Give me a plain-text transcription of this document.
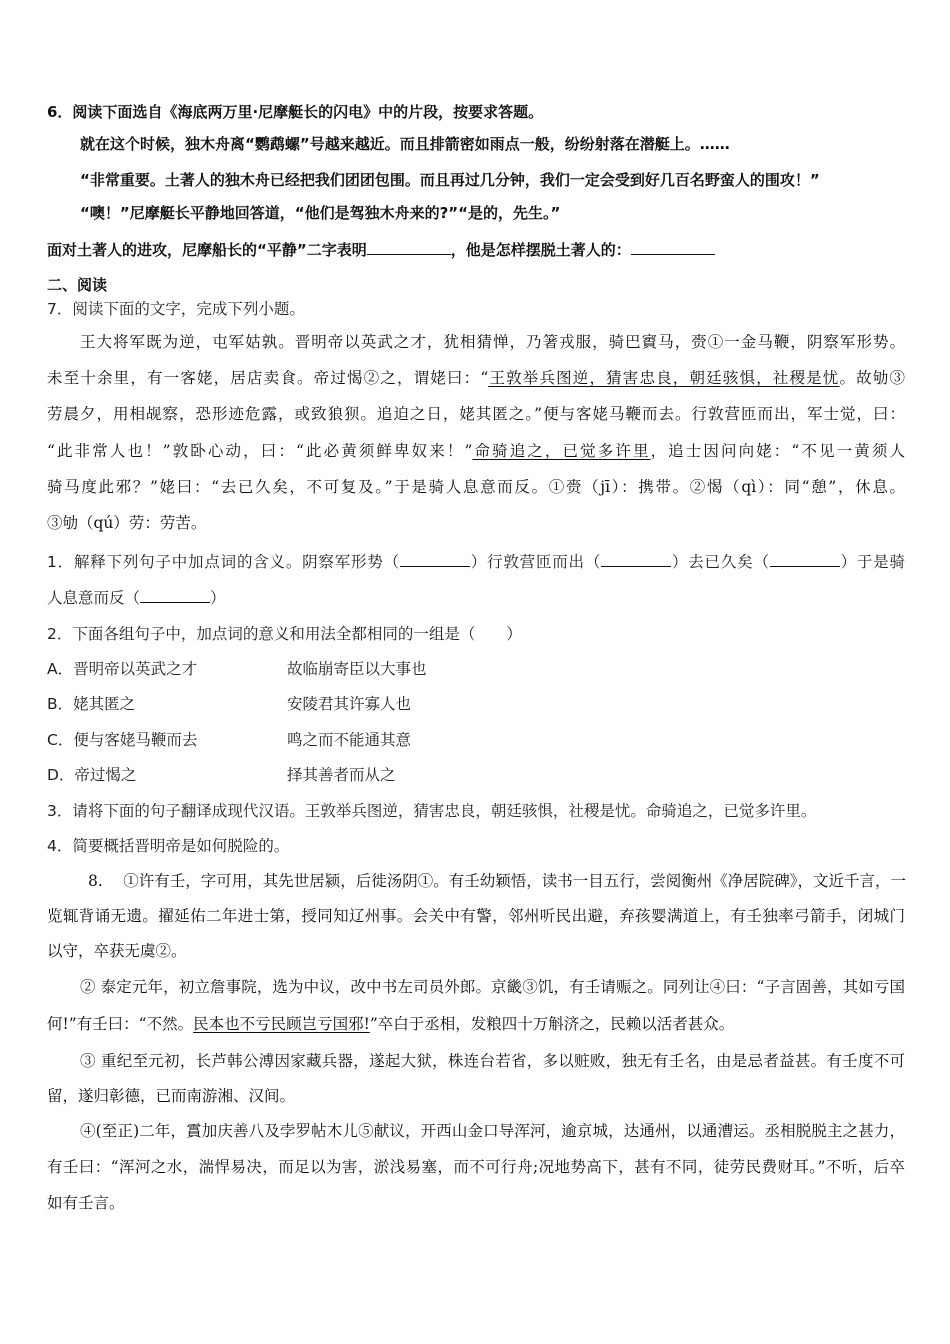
6．阅读下面选自《海底两万里·尼摩艇长的闪电》中的片段，按要求答题。
就在这个时候，独木舟离“鹦鹉螺”号越来越近。而且排箭密如雨点一般，纷纷射落在潜艇上。……
“非常重要。土著人的独木舟已经把我们团团包围。而且再过几分钟，我们一定会受到好几百名野蛮人的围攻！”
“噢！”尼摩艇长平静地回答道，“他们是驾独木舟来的?”“是的，先生。”
面对土著人的进攻，尼摩船长的“平静”二字表明	，他是怎样摆脱土著人的：
二、阅读
7．阅读下面的文字，完成下列小题。
王大将军既为逆，屯军姑孰。晋明帝以英武之才，犹相猜惮，乃箸戎服，骑巴賨马，赍①一金马鞭，阴察军形势。
未至十余里，有一客姥，居店卖食。帝过愒②之，谓姥曰：“王敦举兵图逆，猜害忠良，朝廷骇惧，社稷是忧。故劬③
劳晨夕，用相觇察，恐形迹危露，或致狼狈。追迫之日，姥其匿之。”便与客姥马鞭而去。行敦营匝而出，军士觉，曰：
“此非常人也！”敦卧心动，曰：“此必黄须鲜卑奴来！”命骑追之，已觉多许里，追士因问向姥：“不见一黄须人
骑马度此邪？”姥曰：“去已久矣，不可复及。”于是骑人息意而反。①赍（jī）：携带。②愒（qì）：同“憩”，休息。
③劬（qú）劳：劳苦。
1．解释下列句子中加点词的含义。阴察军形势（	）行敦营匝而出（	）去已久矣（	）于是骑
人息意而反（	）
2．下面各组句子中，加点词的意义和用法全都相同的一组是（　　）
A．晋明帝以英武之才	故临崩寄臣以大事也
B．姥其匿之	安陵君其许寡人也
C．便与客姥马鞭而去	鸣之而不能通其意
D．帝过愒之	择其善者而从之
3．请将下面的句子翻译成现代汉语。王敦举兵图逆，猜害忠良，朝廷骇惧，社稷是忧。命骑追之，已觉多许里。
4．简要概括晋明帝是如何脱险的。
8.　 ①许有壬，字可用，其先世居颍，后徙汤阴①。有壬幼颖悟，读书一目五行，尝阅衡州《净居院碑》，文近千言，一
览辄背诵无遗。擢延佑二年进士第，授同知辽州事。会关中有警，邻州听民出避，弃孩婴满道上，有壬独率弓箭手，闭城门
以守，卒获无虞②。
② 泰定元年，初立詹事院，选为中议，改中书左司员外郎。京畿③饥，有壬请赈之。同列让④曰：“子言固善，其如亏国
何!”有壬曰：“不然。民本也不亏民顾岂亏国邪!”卒白于丞相，发粮四十万斛济之，民赖以活者甚众。
③ 重纪至元初，长芦韩公溥因家藏兵器，遂起大狱，株连台若省，多以赃败，独无有壬名，由是忌者益甚。有壬度不可
留，遂归彰德，已而南游湘、汉间。
④(至正)二年，霣加庆善八及孛罗帖木儿⑤献议，开西山金口导浑河，逾京城，达通州，以通漕运。丞相脱脱主之甚力，
有壬曰：“浑河之水，湍悍易决，而足以为害，淤浅易塞，而不可行舟;况地势高下，甚有不同，徒劳民费财耳。”不听，后卒
如有壬言。
